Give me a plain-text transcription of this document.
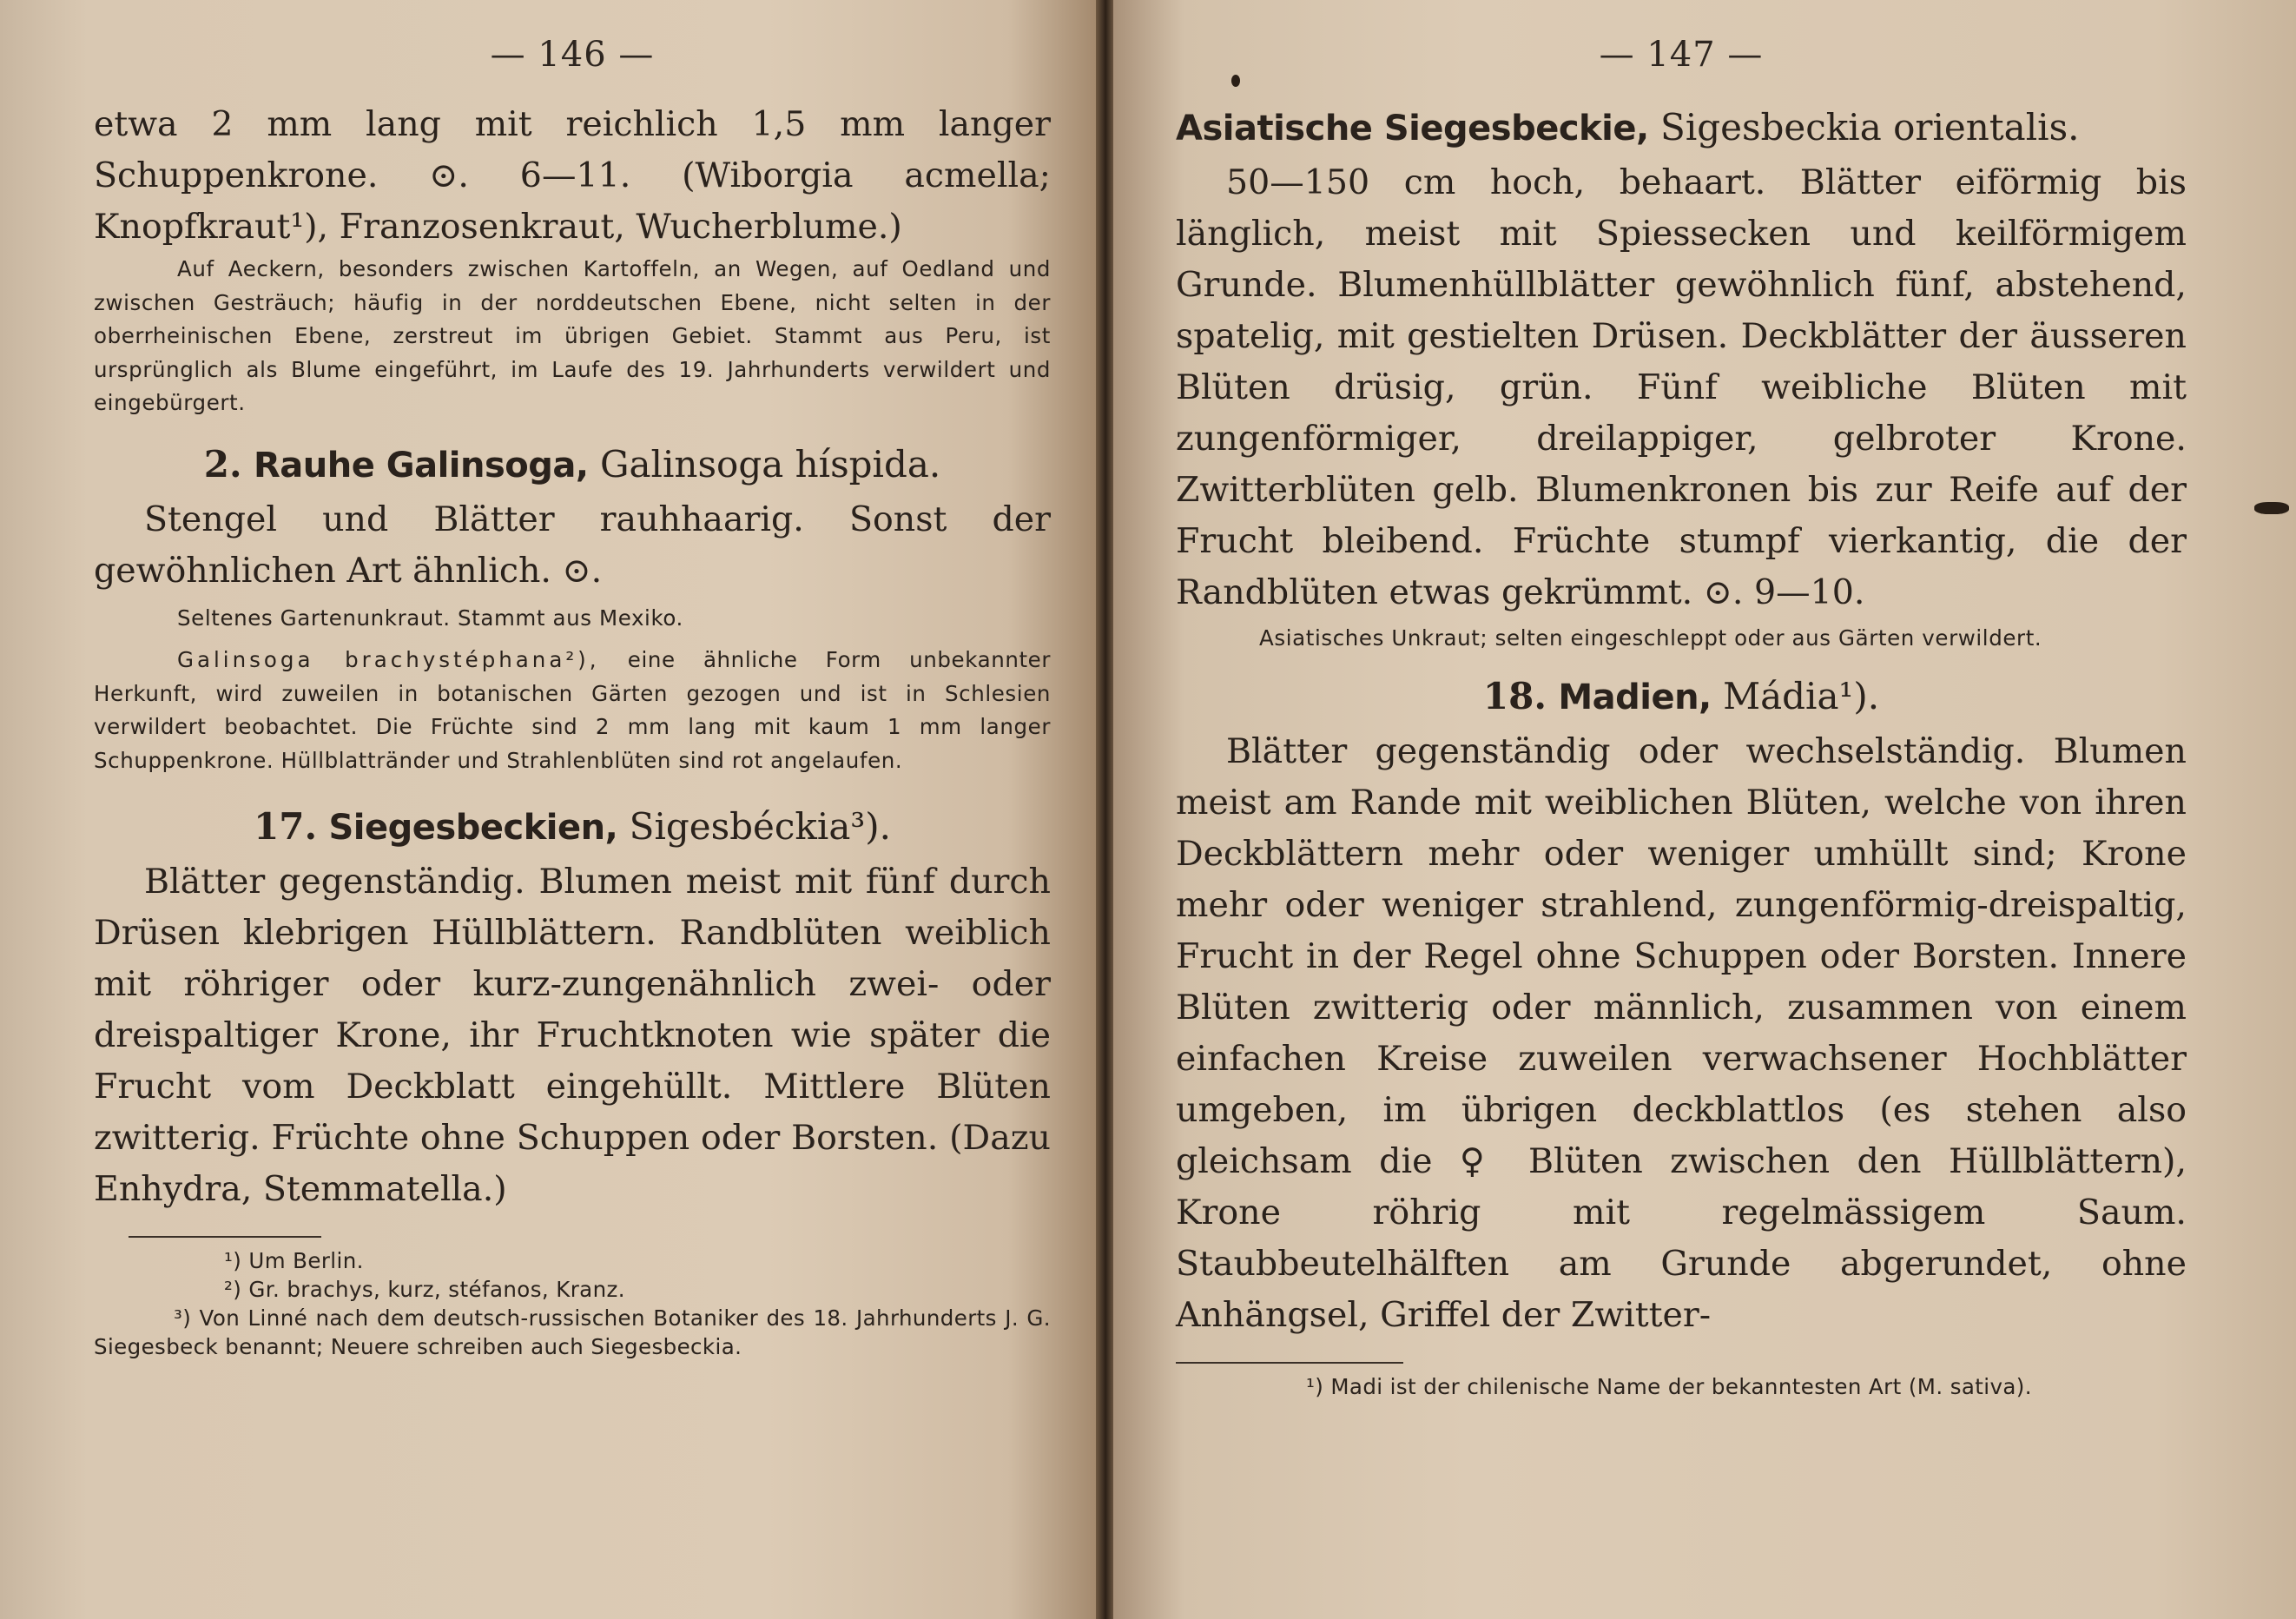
— 146 —

etwa 2 mm lang mit reichlich 1,5 mm langer Schuppenkrone. ⊙. 6—11. (Wiborgia acmella; Knopfkraut¹), Franzosenkraut, Wucherblume.)

Auf Aeckern, besonders zwischen Kartoffeln, an Wegen, auf Oedland und zwischen Gesträuch; häufig in der norddeutschen Ebene, nicht selten in der oberrheinischen Ebene, zerstreut im übrigen Gebiet. Stammt aus Peru, ist ursprünglich als Blume eingeführt, im Laufe des 19. Jahrhunderts verwildert und eingebürgert.

2. Rauhe Galinsoga, Galinsoga híspida.

Stengel und Blätter rauhhaarig. Sonst der gewöhnlichen Art ähnlich. ⊙.

Seltenes Gartenunkraut. Stammt aus Mexiko.

Galinsoga brachystéphana²), eine ähnliche Form unbekannter Herkunft, wird zuweilen in botanischen Gärten gezogen und ist in Schlesien verwildert beobachtet. Die Früchte sind 2 mm lang mit kaum 1 mm langer Schuppenkrone. Hüllblattränder und Strahlenblüten sind rot angelaufen.

17. Siegesbeckien, Sigesbéckia³).

Blätter gegenständig. Blumen meist mit fünf durch Drüsen klebrigen Hüllblättern. Randblüten weiblich mit röhriger oder kurz-zungenähnlich zwei- oder dreispaltiger Krone, ihr Fruchtknoten wie später die Frucht vom Deckblatt eingehüllt. Mittlere Blüten zwitterig. Früchte ohne Schuppen oder Borsten. (Dazu Enhydra, Stemmatella.)

¹) Um Berlin.

²) Gr. brachys, kurz, stéfanos, Kranz.

³) Von Linné nach dem deutsch-russischen Botaniker des 18. Jahrhunderts J. G. Siegesbeck benannt; Neuere schreiben auch Siegesbeckia.

— 147 —
Asiatische Siegesbeckie, Sigesbeckia orientalis.

50—150 cm hoch, behaart. Blätter eiförmig bis länglich, meist mit Spiessecken und keilförmigem Grunde. Blumenhüllblätter gewöhnlich fünf, abstehend, spatelig, mit gestielten Drüsen. Deckblätter der äusseren Blüten drüsig, grün. Fünf weibliche Blüten mit zungenförmiger, dreilappiger, gelbroter Krone. Zwitterblüten gelb. Blumenkronen bis zur Reife auf der Frucht bleibend. Früchte stumpf vierkantig, die der Randblüten etwas gekrümmt. ⊙. 9—10.

Asiatisches Unkraut; selten eingeschleppt oder aus Gärten verwildert.

18. Madien, Mádia¹).

Blätter gegenständig oder wechselständig. Blumen meist am Rande mit weiblichen Blüten, welche von ihren Deckblättern mehr oder weniger umhüllt sind; Krone mehr oder weniger strahlend, zungenförmig-dreispaltig, Frucht in der Regel ohne Schuppen oder Borsten. Innere Blüten zwitterig oder männlich, zusammen von einem einfachen Kreise zuweilen verwachsener Hochblätter umgeben, im übrigen deckblattlos (es stehen also gleichsam die ♀ Blüten zwischen den Hüllblättern), Krone röhrig mit regelmässigem Saum. Staubbeutelhälften am Grunde abgerundet, ohne Anhängsel, Griffel der Zwitter-

¹) Madi ist der chilenische Name der bekanntesten Art (M. sativa).
